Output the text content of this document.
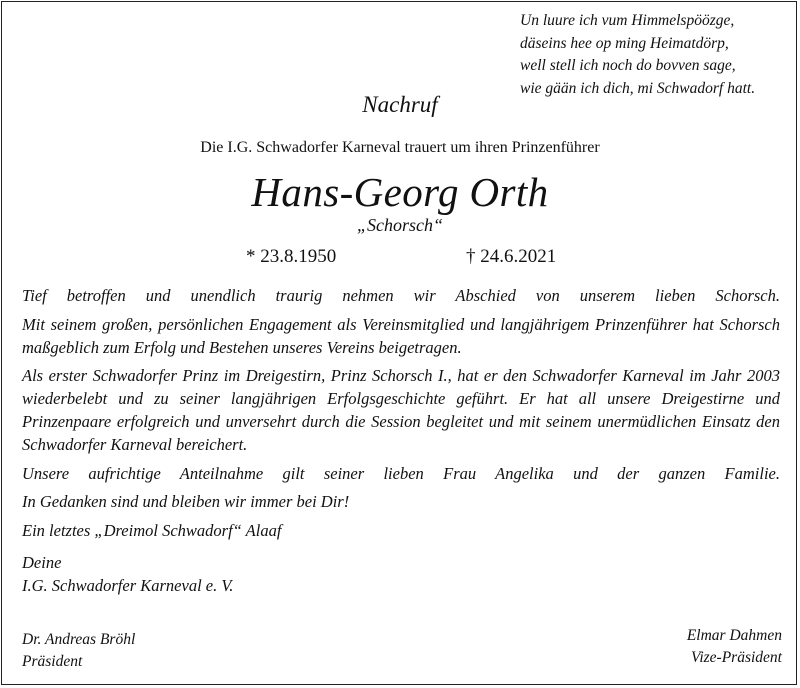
Un luure ich vum Himmelspöözge,
däseins hee op ming Heimatdörp,
well stell ich noch do bovven sage,
wie gään ich dich, mi Schwadorf hatt.
Nachruf
Die I.G. Schwadorfer Karneval trauert um ihren Prinzenführer
Hans-Georg Orth
„Schorsch“
* 23.8.1950	† 24.6.2021

Tief betroffen und unendlich traurig nehmen wir Abschied von unserem lieben Schorsch.

Mit seinem großen, persönlichen Engagement als Vereinsmitglied und langjährigem Prinzenführer hat Schorsch maßgeblich zum Erfolg und Bestehen unseres Vereins beigetragen.

Als erster Schwadorfer Prinz im Dreigestirn, Prinz Schorsch I., hat er den Schwadorfer Karneval im Jahr 2003 wiederbelebt und zu seiner langjährigen Erfolgsgeschichte geführt. Er hat all unsere Dreigestirne und Prinzenpaare erfolgreich und unversehrt durch die Session begleitet und mit seinem unermüdlichen Einsatz den Schwadorfer Karneval bereichert.

Unsere aufrichtige Anteilnahme gilt seiner lieben Frau Angelika und der ganzen Familie.

In Gedanken sind und bleiben wir immer bei Dir!

Ein letztes „Dreimol Schwadorf“ Alaaf

Deine
I.G. Schwadorfer Karneval e. V.
Dr. Andreas Bröhl
Präsident
Elmar Dahmen
Vize-Präsident
